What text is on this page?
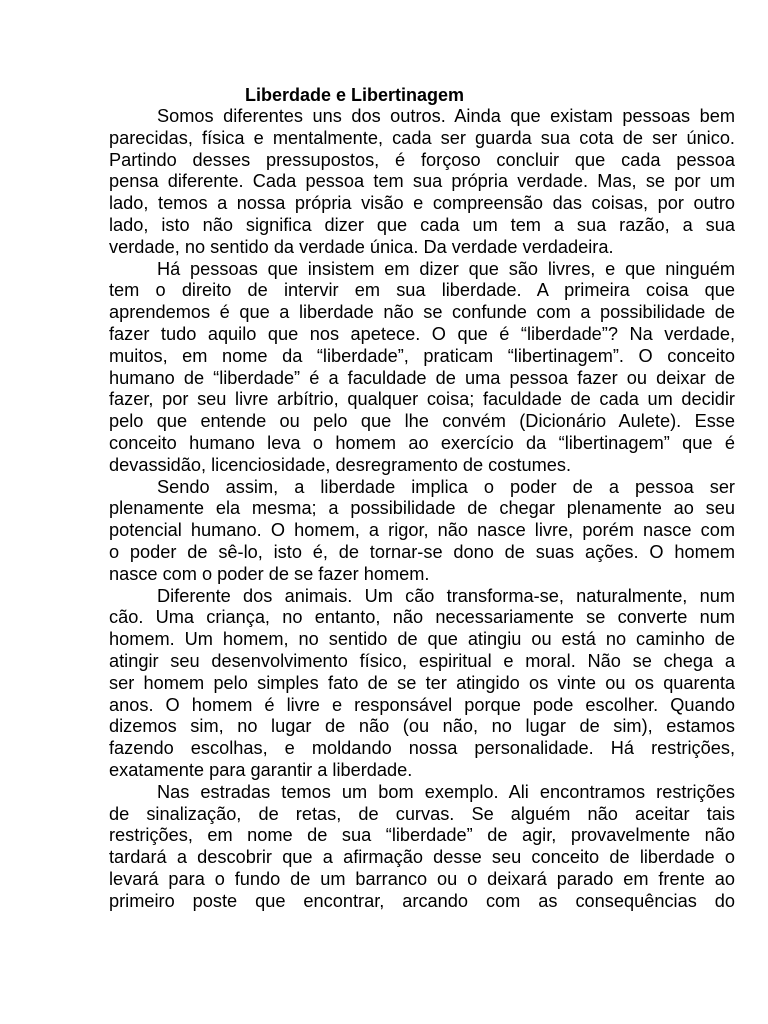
Liberdade e Libertinagem
Somos diferentes uns dos outros. Ainda que existam pessoas bem
parecidas, física e mentalmente, cada ser guarda sua cota de ser único.
Partindo desses pressupostos, é forçoso concluir que cada pessoa
pensa diferente. Cada pessoa tem sua própria verdade. Mas, se por um
lado, temos a nossa própria visão e compreensão das coisas, por outro
lado, isto não significa dizer que cada um tem a sua razão, a sua
verdade, no sentido da verdade única. Da verdade verdadeira.
Há pessoas que insistem em dizer que são livres, e que ninguém
tem o direito de intervir em sua liberdade. A primeira coisa que
aprendemos é que a liberdade não se confunde com a possibilidade de
fazer tudo aquilo que nos apetece. O que é “liberdade”? Na verdade,
muitos, em nome da “liberdade”, praticam “libertinagem”. O conceito
humano de “liberdade” é a faculdade de uma pessoa fazer ou deixar de
fazer, por seu livre arbítrio, qualquer coisa; faculdade de cada um decidir
pelo que entende ou pelo que lhe convém (Dicionário Aulete). Esse
conceito humano leva o homem ao exercício da “libertinagem” que é
devassidão, licenciosidade, desregramento de costumes.
Sendo assim, a liberdade implica o poder de a pessoa ser
plenamente ela mesma; a possibilidade de chegar plenamente ao seu
potencial humano. O homem, a rigor, não nasce livre, porém nasce com
o poder de sê-lo, isto é, de tornar-se dono de suas ações. O homem
nasce com o poder de se fazer homem.
Diferente dos animais. Um cão transforma-se, naturalmente, num
cão. Uma criança, no entanto, não necessariamente se converte num
homem. Um homem, no sentido de que atingiu ou está no caminho de
atingir seu desenvolvimento físico, espiritual e moral. Não se chega a
ser homem pelo simples fato de se ter atingido os vinte ou os quarenta
anos. O homem é livre e responsável porque pode escolher. Quando
dizemos sim, no lugar de não (ou não, no lugar de sim), estamos
fazendo escolhas, e moldando nossa personalidade. Há restrições,
exatamente para garantir a liberdade.
Nas estradas temos um bom exemplo. Ali encontramos restrições
de sinalização, de retas, de curvas. Se alguém não aceitar tais
restrições, em nome de sua “liberdade” de agir, provavelmente não
tardará a descobrir que a afirmação desse seu conceito de liberdade o
levará para o fundo de um barranco ou o deixará parado em frente ao
primeiro poste que encontrar, arcando com as consequências do
